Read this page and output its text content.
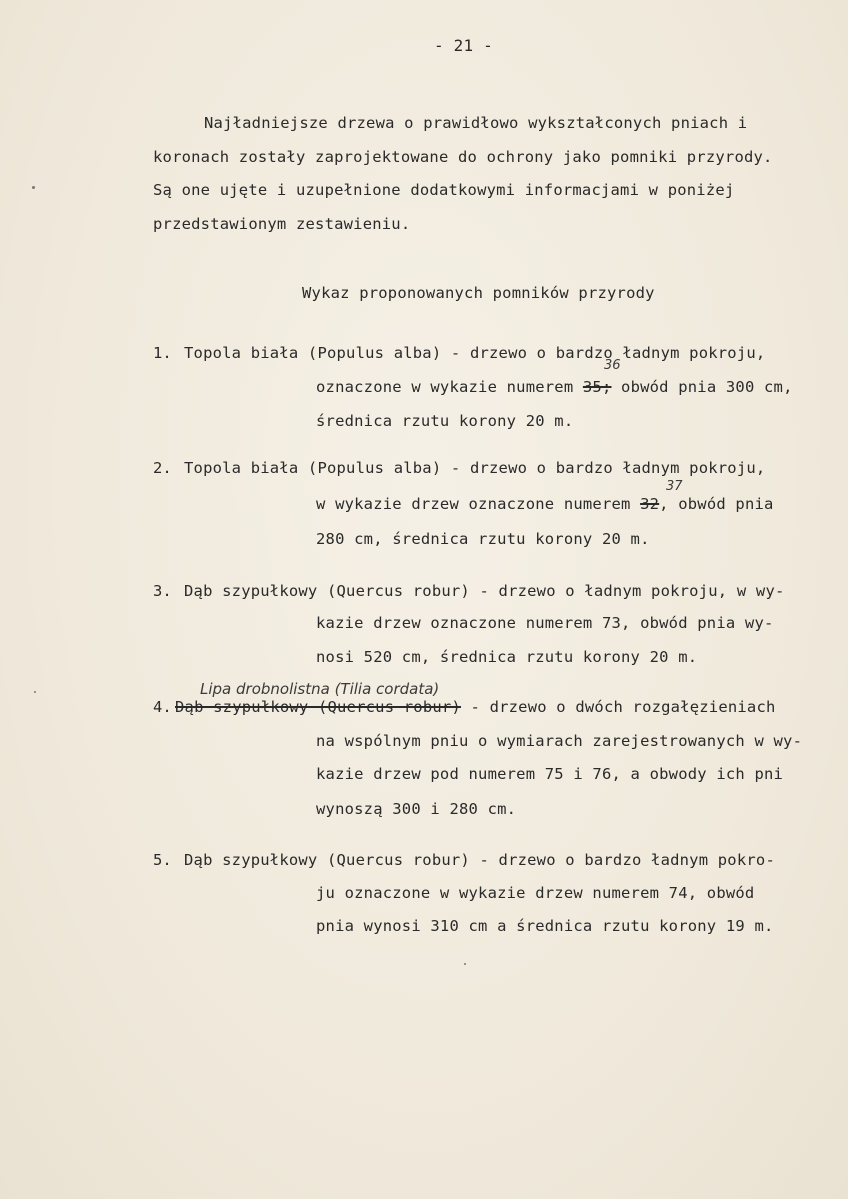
- 21 -
Najładniejsze drzewa o prawidłowo wykształconych pniach i
koronach zostały zaprojektowane do ochrony jako pomniki przyrody.
Są one ujęte i uzupełnione dodatkowymi informacjami w poniżej
przedstawionym zestawieniu.
Wykaz proponowanych pomników przyrody
1. Topola biała (Populus alba) - drzewo o bardzo ładnym pokroju,
36
oznaczone w wykazie numerem 35; obwód pnia 300 cm,
średnica rzutu korony 20 m.
2. Topola biała (Populus alba) - drzewo o bardzo ładnym pokroju,
37
w wykazie drzew oznaczone numerem 32, obwód pnia
280 cm, średnica rzutu korony 20 m.
3. Dąb szypułkowy (Quercus robur) - drzewo o ładnym pokroju, w wy-
kazie drzew oznaczone numerem 73, obwód pnia wy-
nosi 520 cm, średnica rzutu korony 20 m.
Lipa drobnolistna (Tilia cordata)
4. Dąb szypułkowy (Quercus robur) - drzewo o dwóch rozgałęzieniach
na wspólnym pniu o wymiarach zarejestrowanych w wy-
kazie drzew pod numerem 75 i 76, a obwody ich pni
wynoszą 300 i 280 cm.
5. Dąb szypułkowy (Quercus robur) - drzewo o bardzo ładnym pokro-
ju oznaczone w wykazie drzew numerem 74, obwód
pnia wynosi 310 cm a średnica rzutu korony 19 m.
